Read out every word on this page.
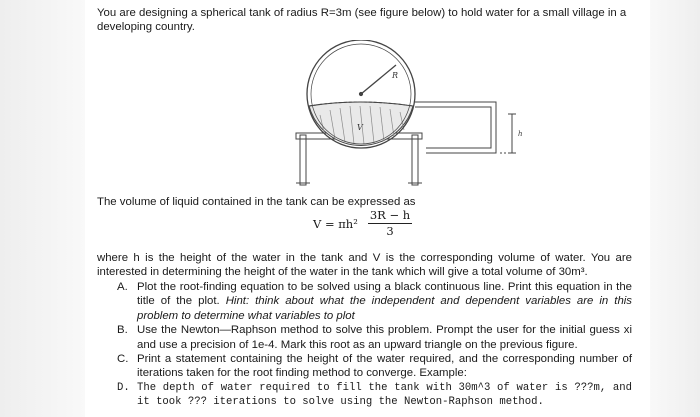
You are designing a spherical tank of radius R=3m (see figure below) to hold water for a small village in a developing country.

R
V
h

The volume of liquid contained in the tank can be expressed as

$V = \pi h^2 \frac{3R - h}{3}$

where h is the height of the water in the tank and V is the corresponding volume of water. You are interested in determining the height of the water in the tank which will give a total volume of 30m³.

A. Plot the root-finding equation to be solved using a black continuous line. Print this equation in the title of the plot. Hint: think about what the independent and dependent variables are in this problem to determine what variables to plot
B. Use the Newton—Raphson method to solve this problem. Prompt the user for the initial guess xi and use a precision of 1e-4. Mark this root as an upward triangle on the previous figure.
C. Print a statement containing the height of the water required, and the corresponding number of iterations taken for the root finding method to converge. Example:
D. The depth of water required to fill the tank with 30m^3 of water is ???m, and it took ??? iterations to solve using the Newton-Raphson method.
